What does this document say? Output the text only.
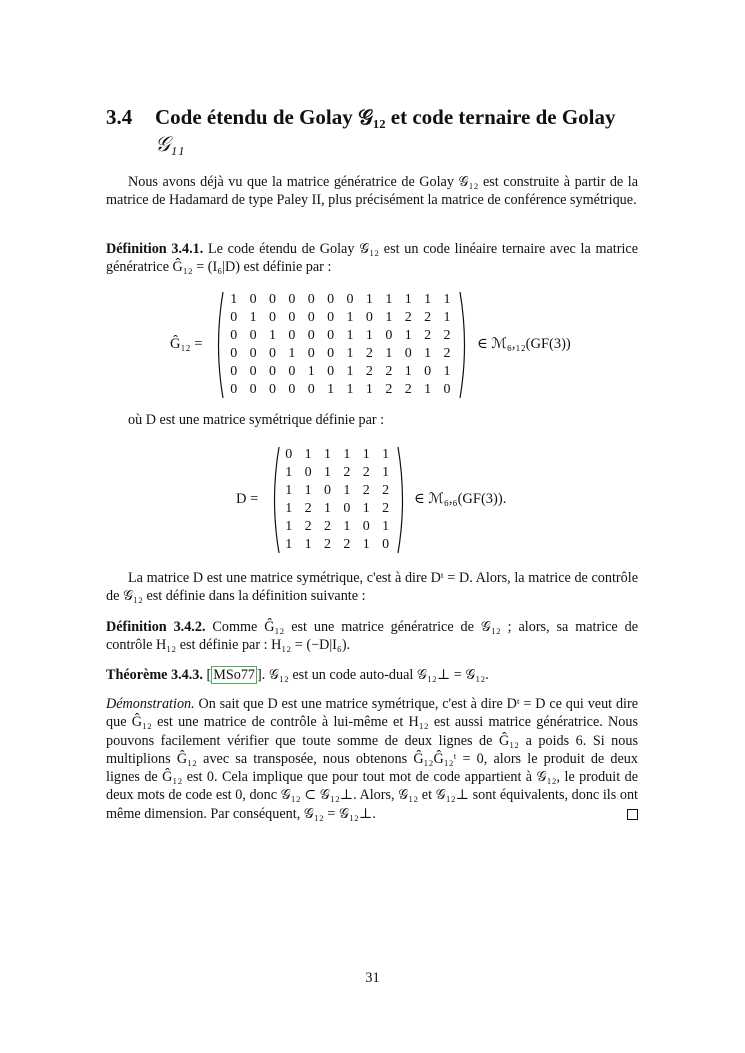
3.4 Code étendu de Golay 𝒢₁₂ et code ternaire de Golay
𝒢₁₁
Nous avons déjà vu que la matrice génératrice de Golay 𝒢₁₂ est construite à partir de la matrice de Hadamard de type Paley II, plus précisément la matrice de conférence symétrique.
Définition 3.4.1. Le code étendu de Golay 𝒢₁₂ est un code linéaire ternaire avec la matrice génératrice Ĝ₁₂ = (I₆|D) est définie par :
Ĝ₁₂ =
1 0 0 0 0 0 0 1 1 1 1 1
0 1 0 0 0 0 1 0 1 2 2 1
0 0 1 0 0 0 1 1 0 1 2 2
0 0 0 1 0 0 1 2 1 0 1 2
0 0 0 0 1 0 1 2 2 1 0 1
0 0 0 0 0 1 1 1 2 2 1 0
∈ ℳ₆,₁₂(GF(3))
où D est une matrice symétrique définie par :
D =
0 1 1 1 1 1
1 0 1 2 2 1
1 1 0 1 2 2
1 2 1 0 1 2
1 2 2 1 0 1
1 1 2 2 1 0
∈ ℳ₆,₆(GF(3)).
La matrice D est une matrice symétrique, c'est à dire Dᵗ = D. Alors, la matrice de contrôle de 𝒢₁₂ est définie dans la définition suivante :
Définition 3.4.2. Comme Ĝ₁₂ est une matrice génératrice de 𝒢₁₂ ; alors, sa matrice de contrôle H₁₂ est définie par : H₁₂ = (−D|I₆).
Théorème 3.4.3. [ MSo77 ]. 𝒢₁₂ est un code auto-dual 𝒢₁₂⊥ = 𝒢₁₂.
Démonstration. On sait que D est une matrice symétrique, c'est à dire Dᵗ = D ce qui veut dire que Ĝ₁₂ est une matrice de contrôle à lui-même et H₁₂ est aussi matrice génératrice. Nous pouvons facilement vérifier que toute somme de deux lignes de Ĝ₁₂ a poids 6. Si nous multiplions Ĝ₁₂ avec sa transposée, nous obtenons Ĝ₁₂Ĝ₁₂ᵗ = 0, alors le produit de deux lignes de Ĝ₁₂ est 0. Cela implique que pour tout mot de code appartient à 𝒢₁₂, le produit de deux mots de code est 0, donc 𝒢₁₂ ⊂ 𝒢₁₂⊥. Alors, 𝒢₁₂ et 𝒢₁₂⊥ sont équivalents, donc ils ont même dimension. Par conséquent, 𝒢₁₂ = 𝒢₁₂⊥.
31
